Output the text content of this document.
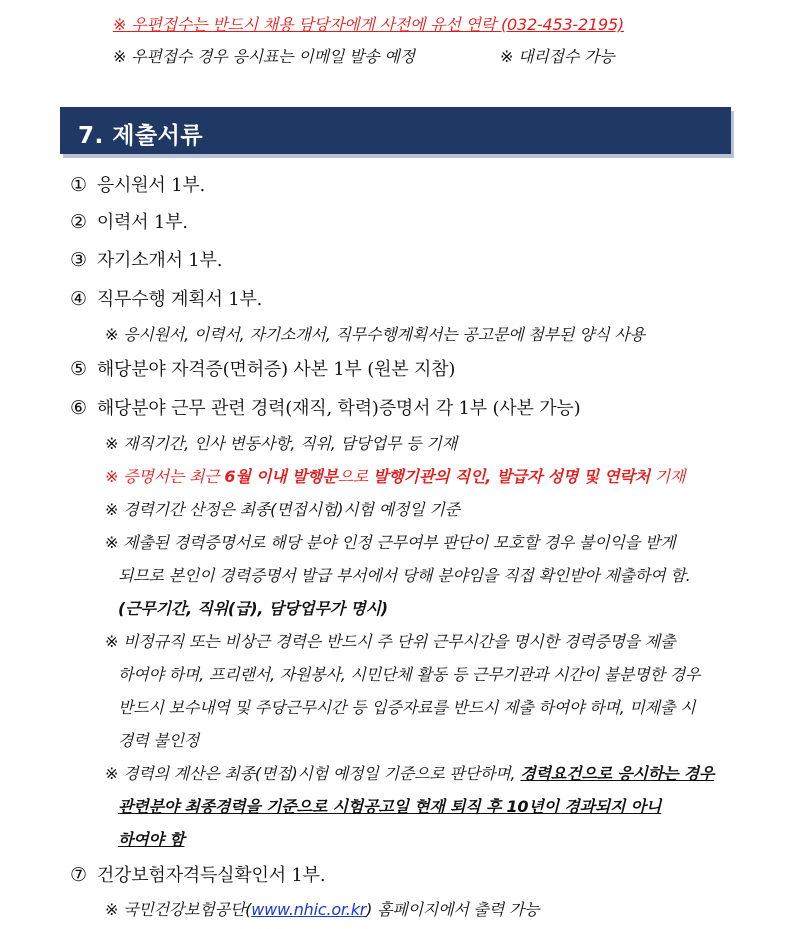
※ 우편접수는 반드시 채용 담당자에게 사전에 유선 연락 (032-453-2195)
※ 우편접수 경우 응시표는 이메일 발송 예정	※ 대리접수 가능
7. 제출서류
① 응시원서 1부.
② 이력서 1부.
③ 자기소개서 1부.
④ 직무수행 계획서 1부.
※ 응시원서, 이력서, 자기소개서, 직무수행계획서는 공고문에 첨부된 양식 사용
⑤ 해당분야 자격증(면허증) 사본 1부 (원본 지참)
⑥ 해당분야 근무 관련 경력(재직, 학력)증명서 각 1부 (사본 가능)
※ 재직기간, 인사 변동사항, 직위, 담당업무 등 기재
※ 증명서는 최근 6월 이내 발행분으로 발행기관의 직인, 발급자 성명 및 연락처 기재
※ 경력기간 산정은 최종(면접시험)시험 예정일 기준
※ 제출된 경력증명서로 해당 분야 인정 근무여부 판단이 모호할 경우 불이익을 받게
되므로 본인이 경력증명서 발급 부서에서 당해 분야임을 직접 확인받아 제출하여 함.
(근무기간, 직위(급), 담당업무가 명시)
※ 비정규직 또는 비상근 경력은 반드시 주 단위 근무시간을 명시한 경력증명을 제출
하여야 하며, 프리랜서, 자원봉사, 시민단체 활동 등 근무기관과 시간이 불분명한 경우
반드시 보수내역 및 주당근무시간 등 입증자료를 반드시 제출 하여야 하며, 미제출 시
경력 불인정
※ 경력의 계산은 최종(면접)시험 예정일 기준으로 판단하며, 경력요건으로 응시하는 경우
관련분야 최종경력을 기준으로 시험공고일 현재 퇴직 후 10년이 경과되지 아니
하여야 함
⑦ 건강보험자격득실확인서 1부.
※ 국민건강보험공단(www.nhic.or.kr) 홈페이지에서 출력 가능
